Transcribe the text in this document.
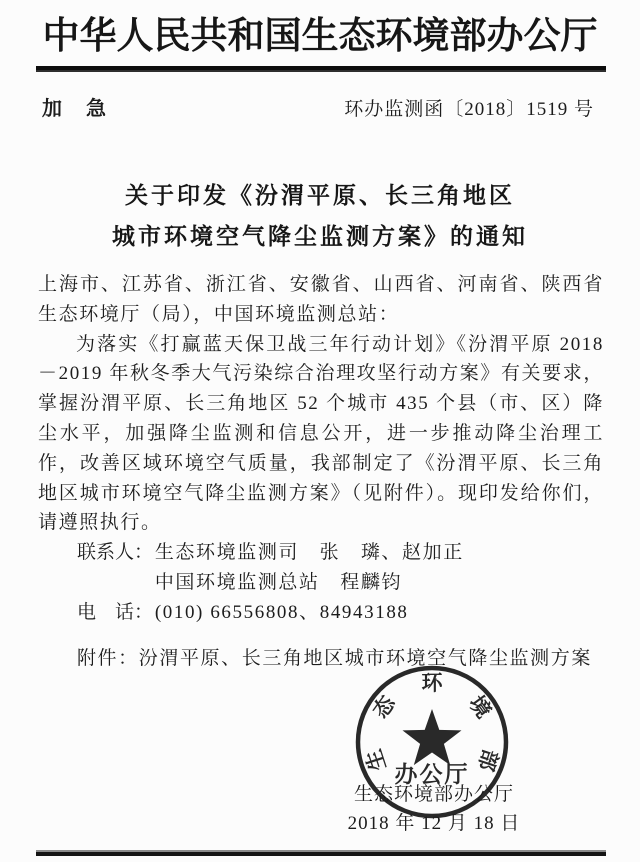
中华人民共和国生态环境部办公厅
加　急	环办监测函〔2018〕1519 号
关于印发《汾渭平原、长三角地区
城市环境空气降尘监测方案》的通知

上海市、江苏省、浙江省、安徽省、山西省、河南省、陕西省生态环境厅（局），中国环境监测总站：

为落实《打赢蓝天保卫战三年行动计划》《汾渭平原 2018－2019 年秋冬季大气污染综合治理攻坚行动方案》有关要求，掌握汾渭平原、长三角地区 52 个城市 435 个县（市、区）降尘水平，加强降尘监测和信息公开，进一步推动降尘治理工作，改善区域环境空气质量，我部制定了《汾渭平原、长三角地区城市环境空气降尘监测方案》（见附件）。现印发给你们，请遵照执行。

联系人： 生态环境监测司　张　璘、赵加正
中国环境监测总站　程麟钧
电　话： (010) 66556808、84943188

附件：汾渭平原、长三角地区城市环境空气降尘监测方案

生态环境部办公厅
2018 年 12 月 18 日
生
态
环
境
部
办公厅
